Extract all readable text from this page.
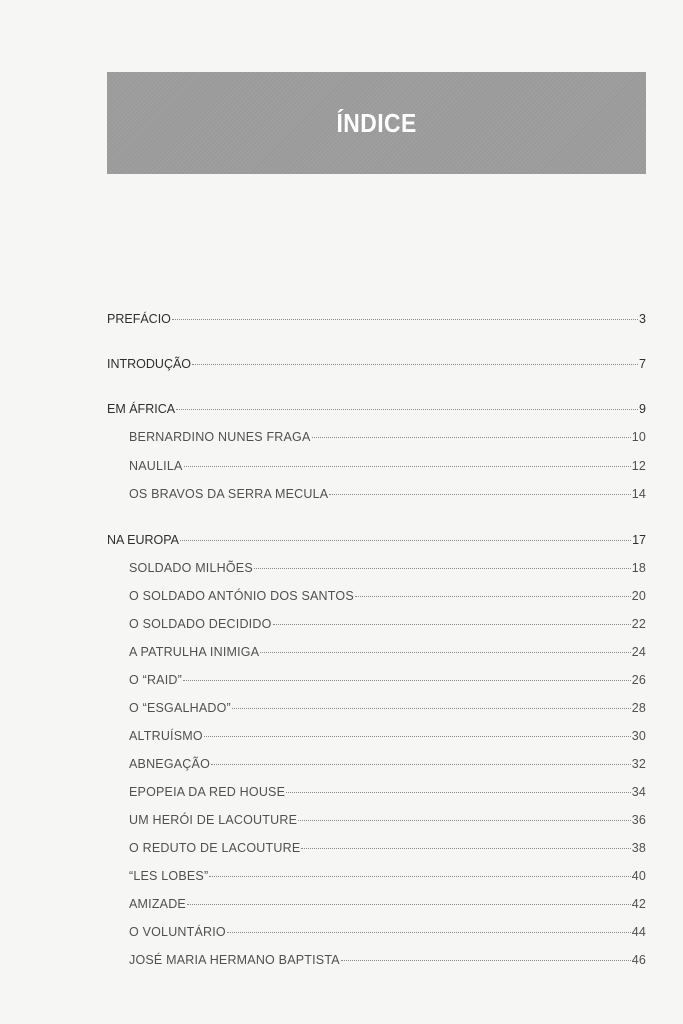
ÍNDICE
PREFÁCIO	3
INTRODUÇÃO	7
EM ÁFRICA	9
BERNARDINO NUNES FRAGA	10
NAULILA	12
OS BRAVOS DA SERRA MECULA	14
NA EUROPA	17
SOLDADO MILHÕES	18
O SOLDADO ANTÓNIO DOS SANTOS	20
O SOLDADO DECIDIDO	22
A PATRULHA INIMIGA	24
O “RAID”	26
O “ESGALHADO”	28
ALTRUÍSMO	30
ABNEGAÇÃO	32
EPOPEIA DA RED HOUSE	34
UM HERÓI DE LACOUTURE	36
O REDUTO DE LACOUTURE	38
“LES LOBES”	40
AMIZADE	42
O VOLUNTÁRIO	44
JOSÉ MARIA HERMANO BAPTISTA	46
